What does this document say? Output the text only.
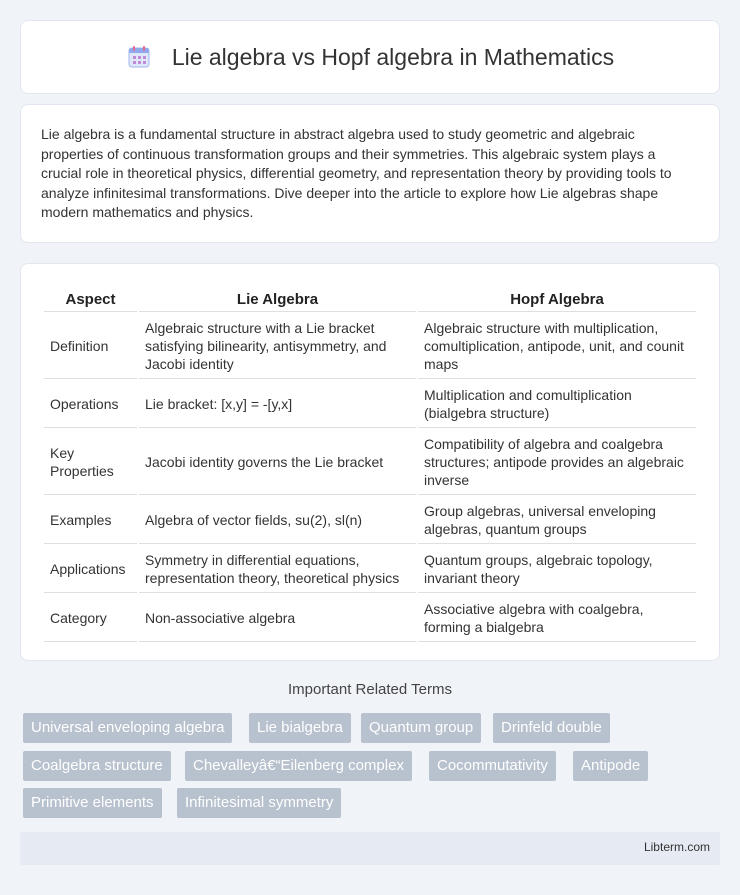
Lie algebra vs Hopf algebra in Mathematics

Lie algebra is a fundamental structure in abstract algebra used to study geometric and algebraic properties of continuous transformation groups and their symmetries. This algebraic system plays a crucial role in theoretical physics, differential geometry, and representation theory by providing tools to analyze infinitesimal transformations. Dive deeper into the article to explore how Lie algebras shape modern mathematics and physics.

Aspect	Lie Algebra	Hopf Algebra
Definition	Algebraic structure with a Lie bracket satisfying bilinearity, antisymmetry, and Jacobi identity	Algebraic structure with multiplication, comultiplication, antipode, unit, and counit maps
Operations	Lie bracket: [x,y] = -[y,x]	Multiplication and comultiplication (bialgebra structure)
Key Properties	Jacobi identity governs the Lie bracket	Compatibility of algebra and coalgebra structures; antipode provides an algebraic inverse
Examples	Algebra of vector fields, su(2), sl(n)	Group algebras, universal enveloping algebras, quantum groups
Applications	Symmetry in differential equations, representation theory, theoretical physics	Quantum groups, algebraic topology, invariant theory
Category	Non-associative algebra	Associative algebra with coalgebra, forming a bialgebra
Important Related Terms
Universal enveloping algebra	Lie bialgebra	Quantum group	Drinfeld double
Coalgebra structure	Chevalleyâ€“Eilenberg complex	Cocommutativity	Antipode
Primitive elements	Infinitesimal symmetry
Libterm.com
